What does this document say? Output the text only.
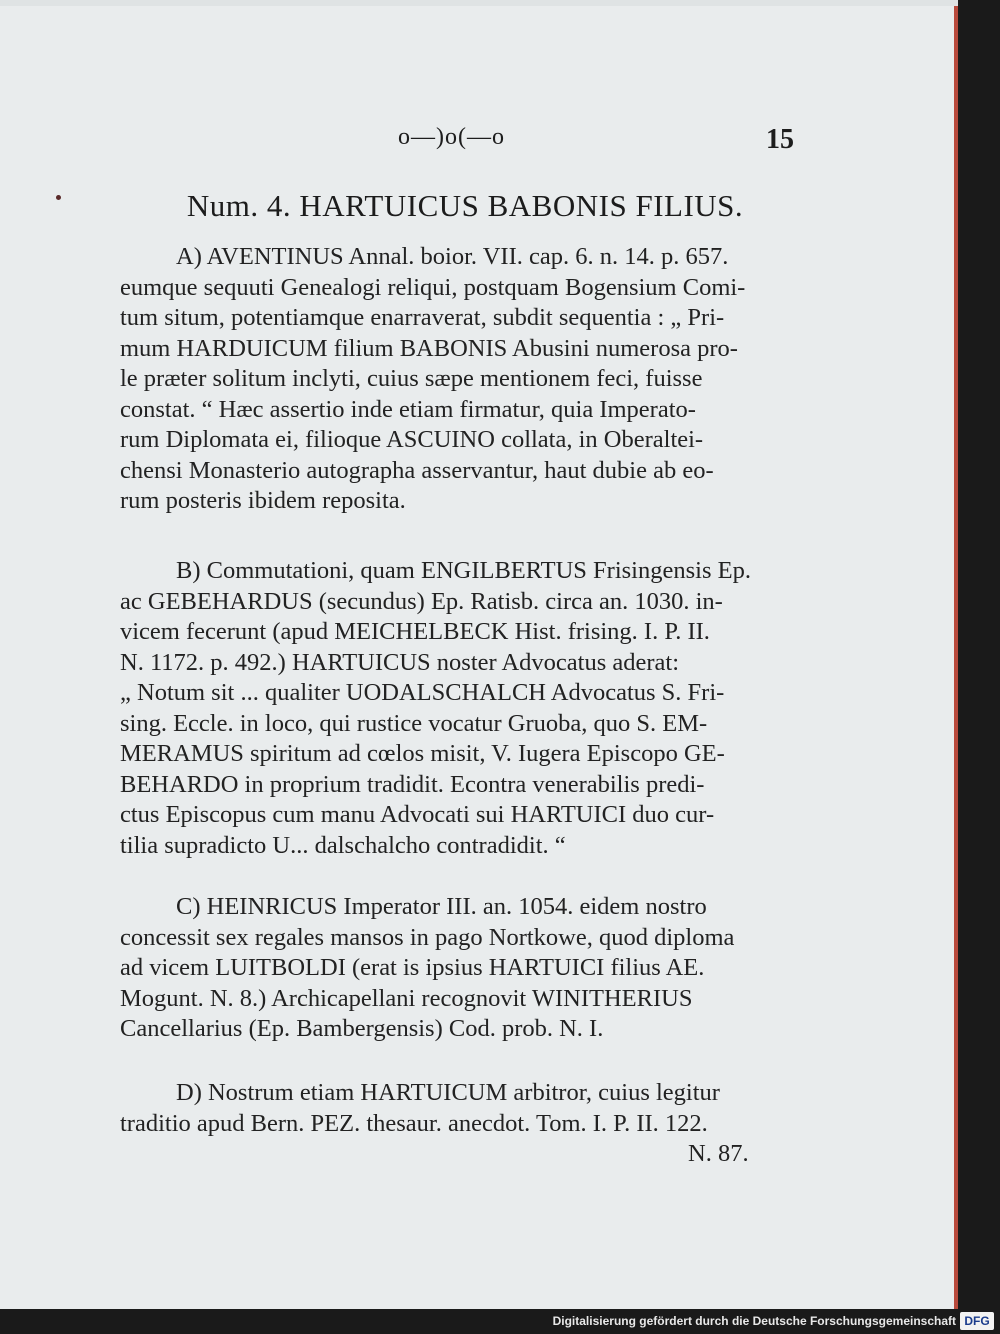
o—)o(—o	15
Num. 4. HARTUICUS BABONIS FILIUS.
A) AVENTINUS Annal. boior. VII. cap. 6. n. 14. p. 657.
eumque sequuti Genealogi reliqui, postquam Bogensium Comi-
tum situm, potentiamque enarraverat, subdit sequentia : „ Pri-
mum HARDUICUM filium BABONIS Abusini numerosa pro-
le præter solitum inclyti, cuius sæpe mentionem feci, fuisse
constat. “ Hæc assertio inde etiam firmatur, quia Imperato-
rum Diplomata ei, filioque ASCUINO collata, in Oberaltei-
chensi Monasterio autographa asservantur, haut dubie ab eo-
rum posteris ibidem reposita.
B) Commutationi, quam ENGILBERTUS Frisingensis Ep.
ac GEBEHARDUS (secundus) Ep. Ratisb. circa an. 1030. in-
vicem fecerunt (apud MEICHELBECK Hist. frising. I. P. II.
N. 1172. p. 492.) HARTUICUS noster Advocatus aderat:
„ Notum sit ... qualiter UODALSCHALCH Advocatus S. Fri-
sing. Eccle. in loco, qui rustice vocatur Gruoba, quo S. EM-
MERAMUS spiritum ad cœlos misit, V. Iugera Episcopo GE-
BEHARDO in proprium tradidit. Econtra venerabilis predi-
ctus Episcopus cum manu Advocati sui HARTUICI duo cur-
tilia supradicto U... dalschalcho contradidit. “
C) HEINRICUS Imperator III. an. 1054. eidem nostro
concessit sex regales mansos in pago Nortkowe, quod diploma
ad vicem LUITBOLDI (erat is ipsius HARTUICI filius AE.
Mogunt. N. 8.) Archicapellani recognovit WINITHERIUS
Cancellarius (Ep. Bambergensis) Cod. prob. N. I.
D) Nostrum etiam HARTUICUM arbitror, cuius legitur
traditio apud Bern. PEZ. thesaur. anecdot. Tom. I. P. II. 122.
N. 87.
Digitalisierung gefördert durch die Deutsche Forschungsgemeinschaft DFG
